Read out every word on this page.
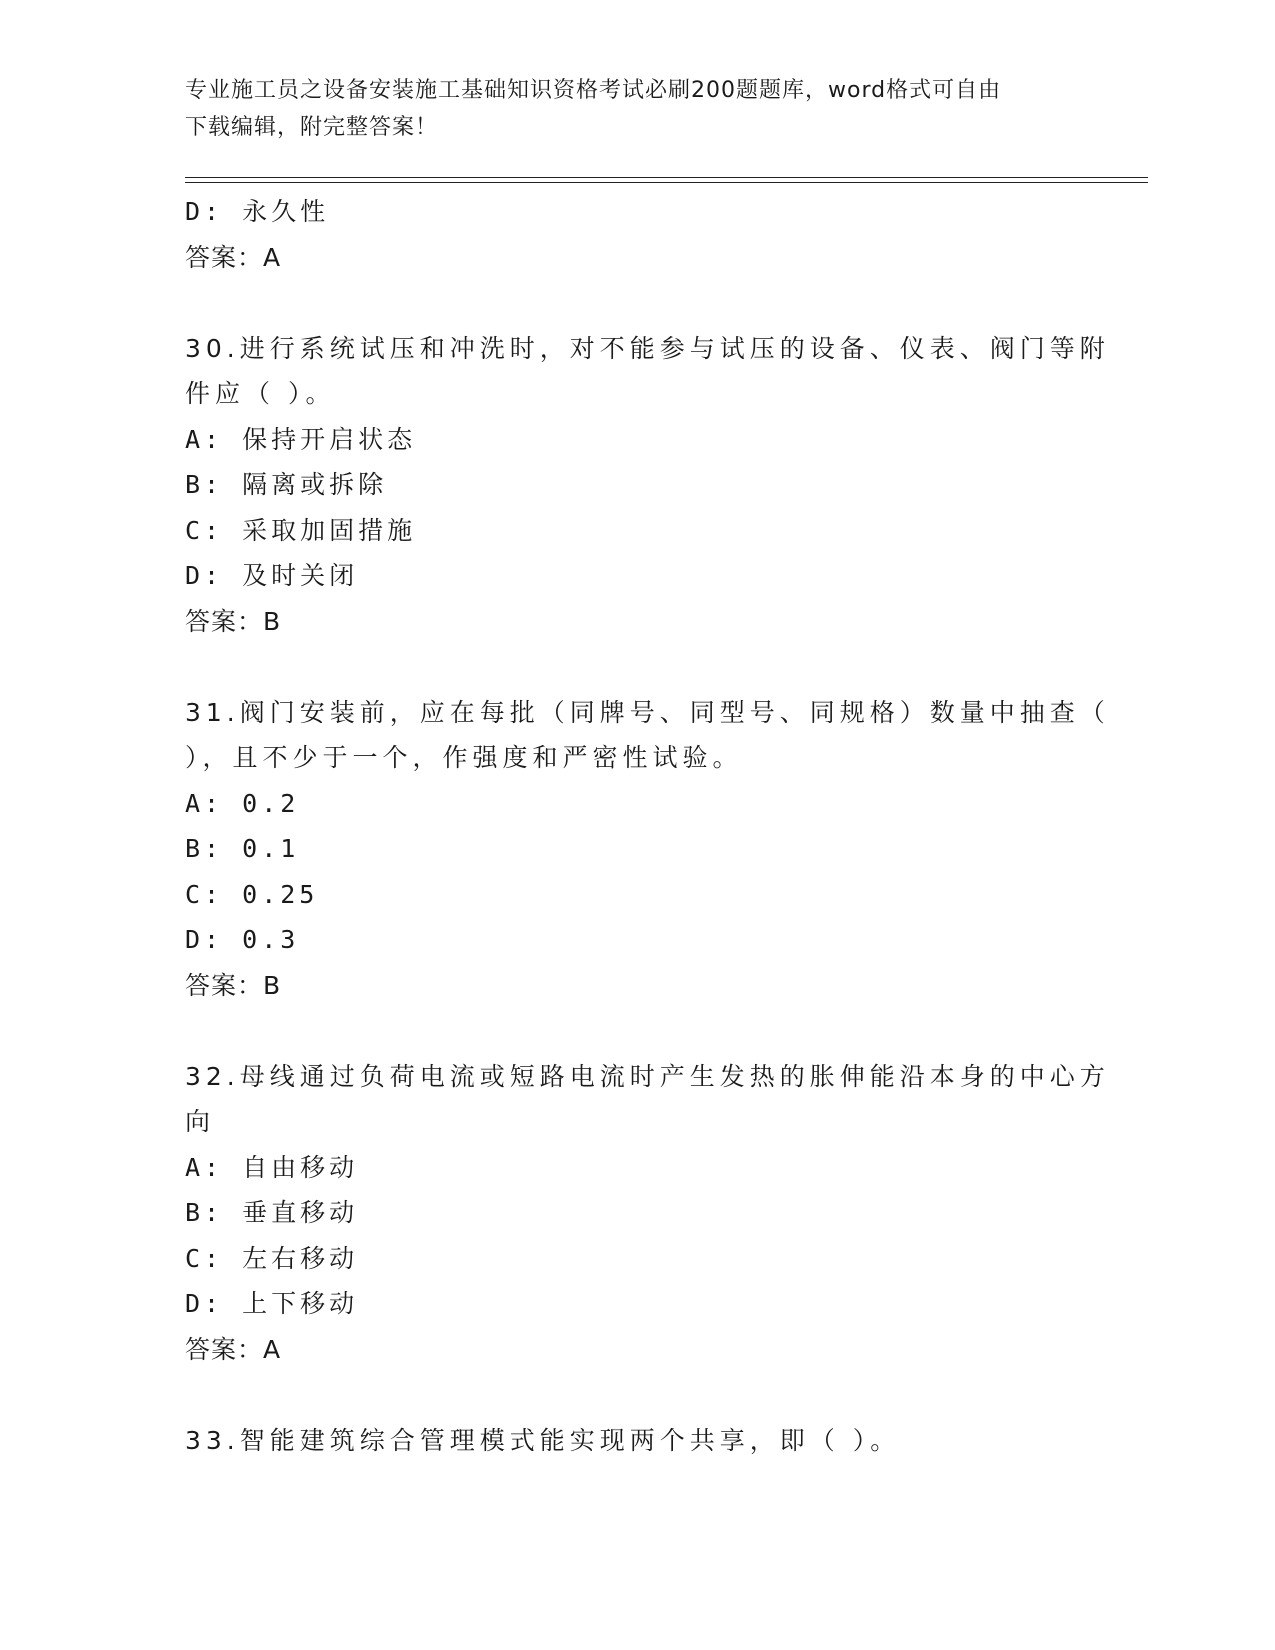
专业施工员之设备安装施工基础知识资格考试必刷200题题库，word格式可自由
下载编辑，附完整答案！
D: 永久性
答案：A
30.进行系统试压和冲洗时，对不能参与试压的设备、仪表、阀门等附
件应（ ）。
A: 保持开启状态
B: 隔离或拆除
C: 采取加固措施
D: 及时关闭
答案：B
31.阀门安装前，应在每批（同牌号、同型号、同规格）数量中抽查（
），且不少于一个，作强度和严密性试验。
A: 0.2
B: 0.1
C: 0.25
D: 0.3
答案：B
32.母线通过负荷电流或短路电流时产生发热的胀伸能沿本身的中心方
向
A: 自由移动
B: 垂直移动
C: 左右移动
D: 上下移动
答案：A
33.智能建筑综合管理模式能实现两个共享，即（ ）。
